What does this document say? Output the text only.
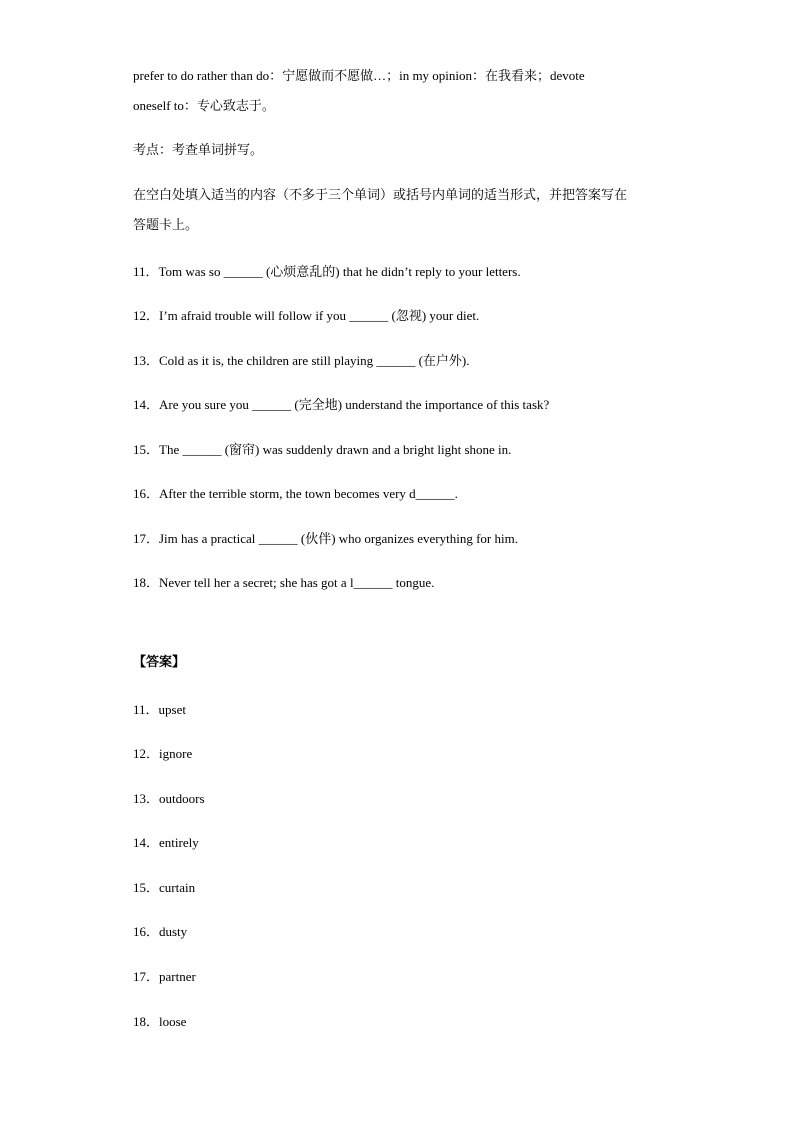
prefer to do rather than do：宁愿做而不愿做…；in my opinion：在我看来；devote
oneself to：专心致志于。
考点：考查单词拼写。
在空白处填入适当的内容（不多于三个单词）或括号内单词的适当形式，并把答案写在
答题卡上。
11．Tom was so ______ (心烦意乱的) that he didn’t reply to your letters.
12．I’m afraid trouble will follow if you ______ (忽视) your diet.
13．Cold as it is, the children are still playing ______ (在户外).
14．Are you sure you ______ (完全地) understand the importance of this task?
15．The ______ (窗帘) was suddenly drawn and a bright light shone in.
16．After the terrible storm, the town becomes very d______.
17．Jim has a practical ______ (伙伴) who organizes everything for him.
18．Never tell her a secret; she has got a l______ tongue.
【答案】
11．upset
12．ignore
13．outdoors
14．entirely
15．curtain
16．dusty
17．partner
18．loose
